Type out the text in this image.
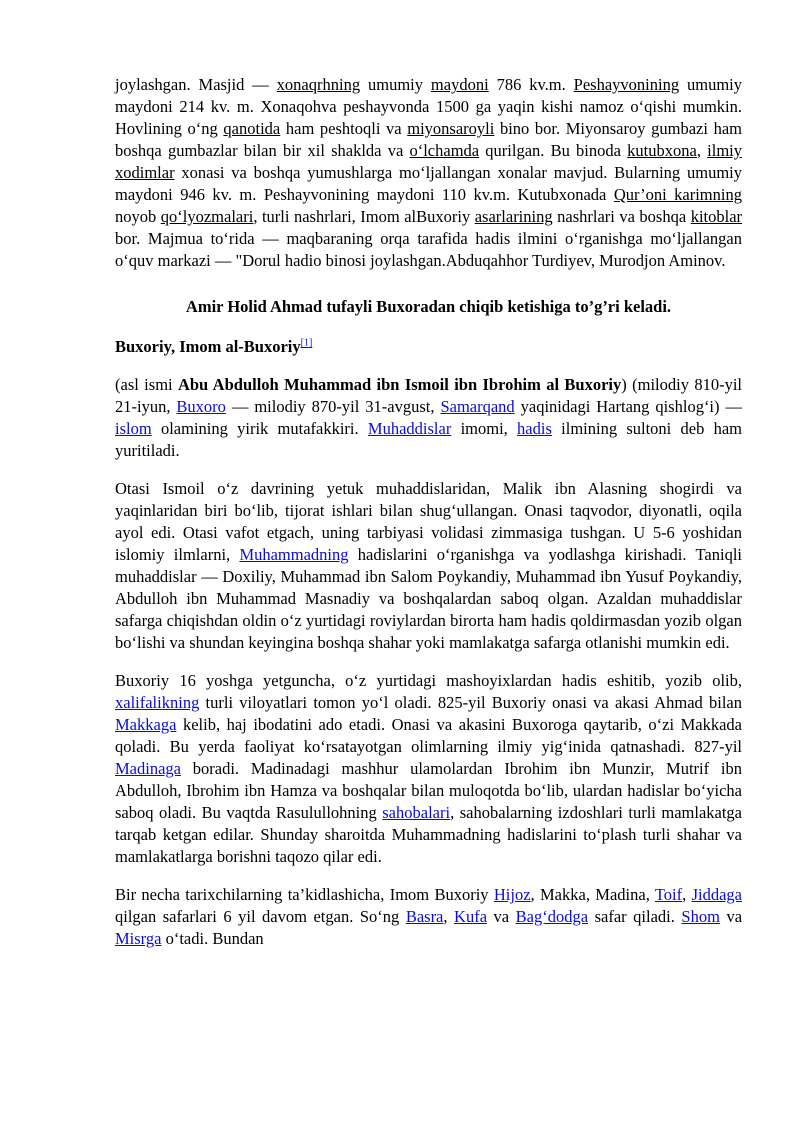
joylashgan. Masjid — xonaqrhning umumiy maydoni 786 kv.m. Peshayvonining umumiy maydoni 214 kv. m. Xonaqohva peshayvonda 1500 ga yaqin kishi namoz o‘qishi mumkin. Hovlining o‘ng qanotida ham peshtoqli va miyonsaroyli bino bor. Miyonsaroy gumbazi ham boshqa gumbazlar bilan bir xil shaklda va o‘lchamda qurilgan. Bu binoda kutubxona, ilmiy xodimlar xonasi va boshqa yumushlarga mo‘ljallangan xonalar mavjud. Bularning umumiy maydoni 946 kv. m. Peshayvonining maydoni 110 kv.m. Kutubxonada Qur’oni karimning noyob qo‘lyozmalari, turli nashrlari, Imom alBuxoriy asarlarining nashrlari va boshqa kitoblar bor. Majmua to‘rida — maqbaraning orqa tarafida hadis ilmini o‘rganishga mo‘ljallangan o‘quv markazi — "Dorul hadio binosi joylashgan.Abduqahhor Turdiyev, Murodjon Aminov.

Amir Holid Ahmad tufayli Buxoradan chiqib ketishiga to’g’ri keladi.

Buxoriy, Imom al-Buxoriy[1]

(asl ismi Abu Abdulloh Muhammad ibn Ismoil ibn Ibrohim al Buxoriy) (milodiy 810-yil 21-iyun, Buxoro — milodiy 870-yil 31-avgust, Samarqand yaqinidagi Hartang qishlog‘i) — islom olamining yirik mutafakkiri. Muhaddislar imomi, hadis ilmining sultoni deb ham yuritiladi.

Otasi Ismoil o‘z davrining yetuk muhaddislaridan, Malik ibn Alasning shogirdi va yaqinlaridan biri bo‘lib, tijorat ishlari bilan shug‘ullangan. Onasi taqvodor, diyonatli, oqila ayol edi. Otasi vafot etgach, uning tarbiyasi volidasi zimmasiga tushgan. U 5-6 yoshidan islomiy ilmlarni, Muhammadning hadislarini o‘rganishga va yodlashga kirishadi. Taniqli muhaddislar — Doxiliy, Muhammad ibn Salom Poykandiy, Muhammad ibn Yusuf Poykandiy, Abdulloh ibn Muhammad Masnadiy va boshqalardan saboq olgan. Azaldan muhaddislar safarga chiqishdan oldin o‘z yurtidagi roviylardan birorta ham hadis qoldirmasdan yozib olgan bo‘lishi va shundan keyingina boshqa shahar yoki mamlakatga safarga otlanishi mumkin edi.

Buxoriy 16 yoshga yetguncha, o‘z yurtidagi mashoyixlardan hadis eshitib, yozib olib, xalifalikning turli viloyatlari tomon yo‘l oladi. 825-yil Buxoriy onasi va akasi Ahmad bilan Makkaga kelib, haj ibodatini ado etadi. Onasi va akasini Buxoroga qaytarib, o‘zi Makkada qoladi. Bu yerda faoliyat ko‘rsatayotgan olimlarning ilmiy yig‘inida qatnashadi. 827-yil Madinaga boradi. Madinadagi mashhur ulamolardan Ibrohim ibn Munzir, Mutrif ibn Abdulloh, Ibrohim ibn Hamza va boshqalar bilan muloqotda bo‘lib, ulardan hadislar bo‘yicha saboq oladi. Bu vaqtda Rasulullohning sahobalari, sahobalarning izdoshlari turli mamlakatga tarqab ketgan edilar. Shunday sharoitda Muhammadning hadislarini to‘plash turli shahar va mamlakatlarga borishni taqozo qilar edi.

Bir necha tarixchilarning ta’kidlashicha, Imom Buxoriy Hijoz, Makka, Madina, Toif, Jiddaga qilgan safarlari 6 yil davom etgan. So‘ng Basra, Kufa va Bag‘dodga safar qiladi. Shom va Misrga o‘tadi. Bundan
